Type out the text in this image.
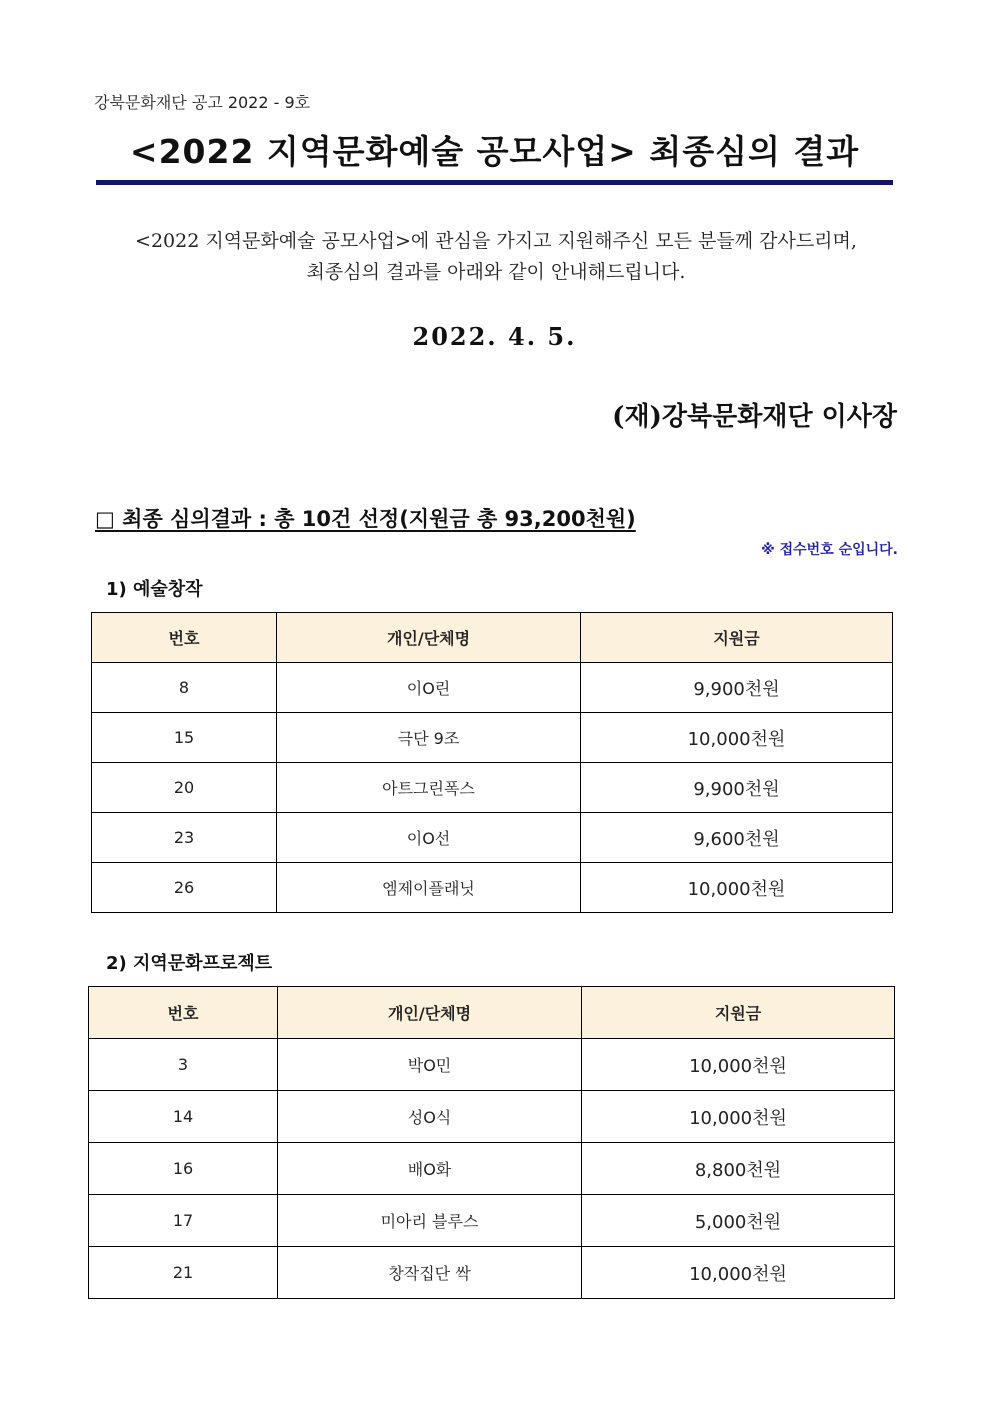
강북문화재단 공고 2022 - 9호
<2022 지역문화예술 공모사업> 최종심의 결과
<2022 지역문화예술 공모사업>에 관심을 가지고 지원해주신 모든 분들께 감사드리며,
최종심의 결과를 아래와 같이 안내해드립니다.
2022. 4. 5.
(재)강북문화재단 이사장
□ 최종 심의결과 : 총 10건 선정(지원금 총 93,200천원)
※ 접수번호 순입니다.
1) 예술창작
번호	개인/단체명	지원금
8	이O린	9,900천원
15	극단 9조	10,000천원
20	아트그린폭스	9,900천원
23	이O선	9,600천원
26	엠제이플래닛	10,000천원
2) 지역문화프로젝트
번호	개인/단체명	지원금
3	박O민	10,000천원
14	성O식	10,000천원
16	배O화	8,800천원
17	미아리 블루스	5,000천원
21	창작집단 싹	10,000천원
